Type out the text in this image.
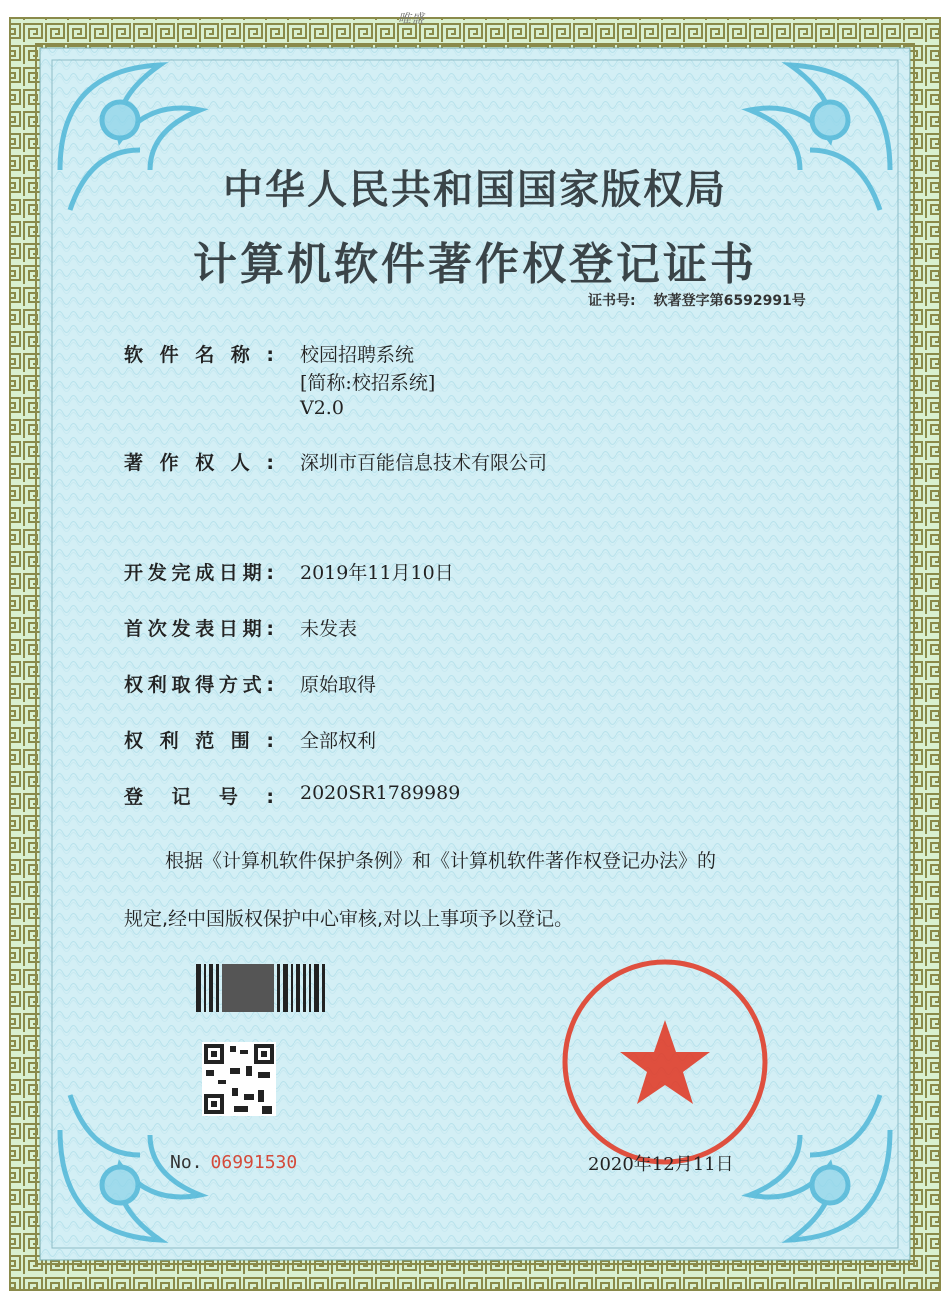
唯盛
中华人民共和国国家版权局
计算机软件著作权登记证书
证书号: 软著登字第6592991号
软件名称: 校园招聘系统
[简称:校招系统]
V2.0
著作权人: 深圳市百能信息技术有限公司
开发完成日期: 2019年11月10日
首次发表日期: 未发表
权利取得方式: 原始取得
权利范围: 全部权利
登记号: 2020SR1789989
根据《计算机软件保护条例》和《计算机软件著作权登记办法》的
规定,经中国版权保护中心审核,对以上事项予以登记。
No. 06991530	2020年12月11日
